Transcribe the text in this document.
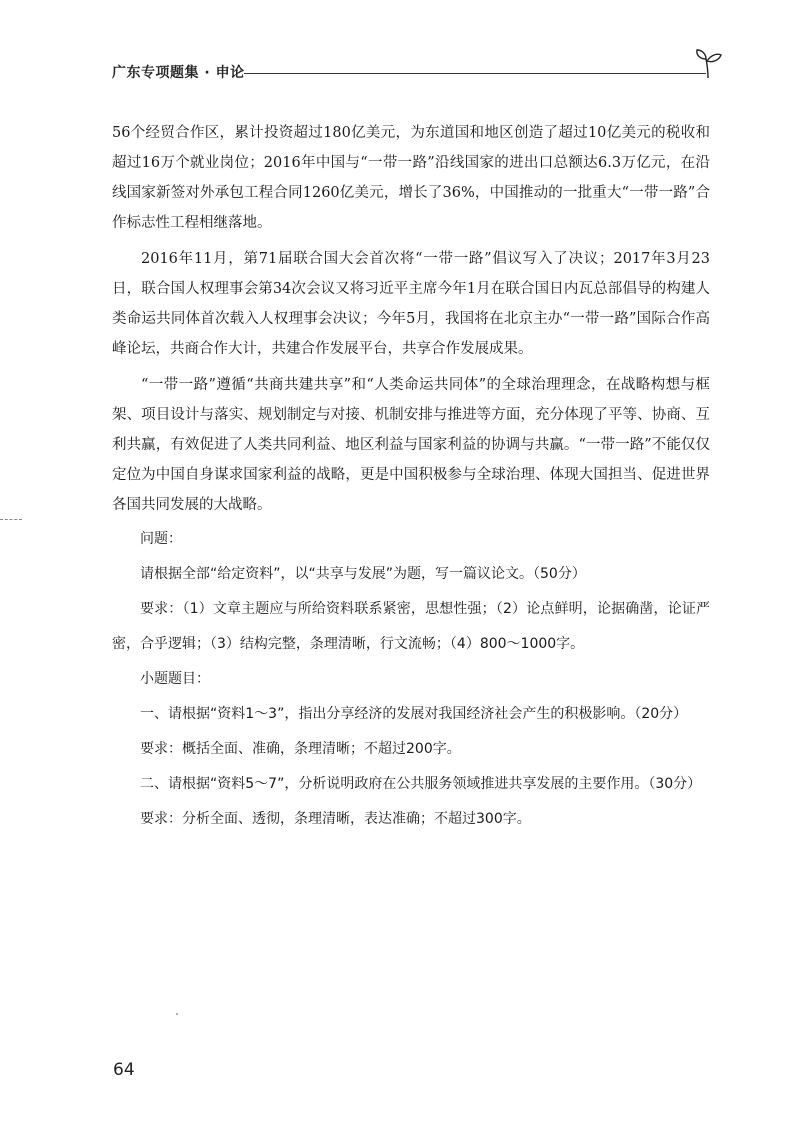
广东专项题集 · 申论

56个经贸合作区，累计投资超过180亿美元，为东道国和地区创造了超过10亿美元的税收和超过16万个就业岗位；2016年中国与“一带一路”沿线国家的进出口总额达6.3万亿元，在沿线国家新签对外承包工程合同1260亿美元，增长了36%，中国推动的一批重大“一带一路”合作标志性工程相继落地。

2016年11月，第71届联合国大会首次将“一带一路”倡议写入了决议；2017年3月23日，联合国人权理事会第34次会议又将习近平主席今年1月在联合国日内瓦总部倡导的构建人类命运共同体首次载入人权理事会决议；今年5月，我国将在北京主办“一带一路”国际合作高峰论坛，共商合作大计，共建合作发展平台，共享合作发展成果。

“一带一路”遵循“共商共建共享”和“人类命运共同体”的全球治理理念，在战略构想与框架、项目设计与落实、规划制定与对接、机制安排与推进等方面，充分体现了平等、协商、互利共赢，有效促进了人类共同利益、地区利益与国家利益的协调与共赢。“一带一路”不能仅仅定位为中国自身谋求国家利益的战略，更是中国积极参与全球治理、体现大国担当、促进世界各国共同发展的大战略。

问题：

请根据全部“给定资料”，以“共享与发展”为题，写一篇议论文。（50分）

要求：（1）文章主题应与所给资料联系紧密，思想性强；（2）论点鲜明，论据确凿，论证严密，合乎逻辑；（3）结构完整，条理清晰，行文流畅；（4）800～1000字。

小题题目：

一、请根据“资料1～3”，指出分享经济的发展对我国经济社会产生的积极影响。（20分）

要求：概括全面、准确，条理清晰；不超过200字。

二、请根据“资料5～7”，分析说明政府在公共服务领域推进共享发展的主要作用。（30分）

要求：分析全面、透彻，条理清晰，表达准确；不超过300字。

64
